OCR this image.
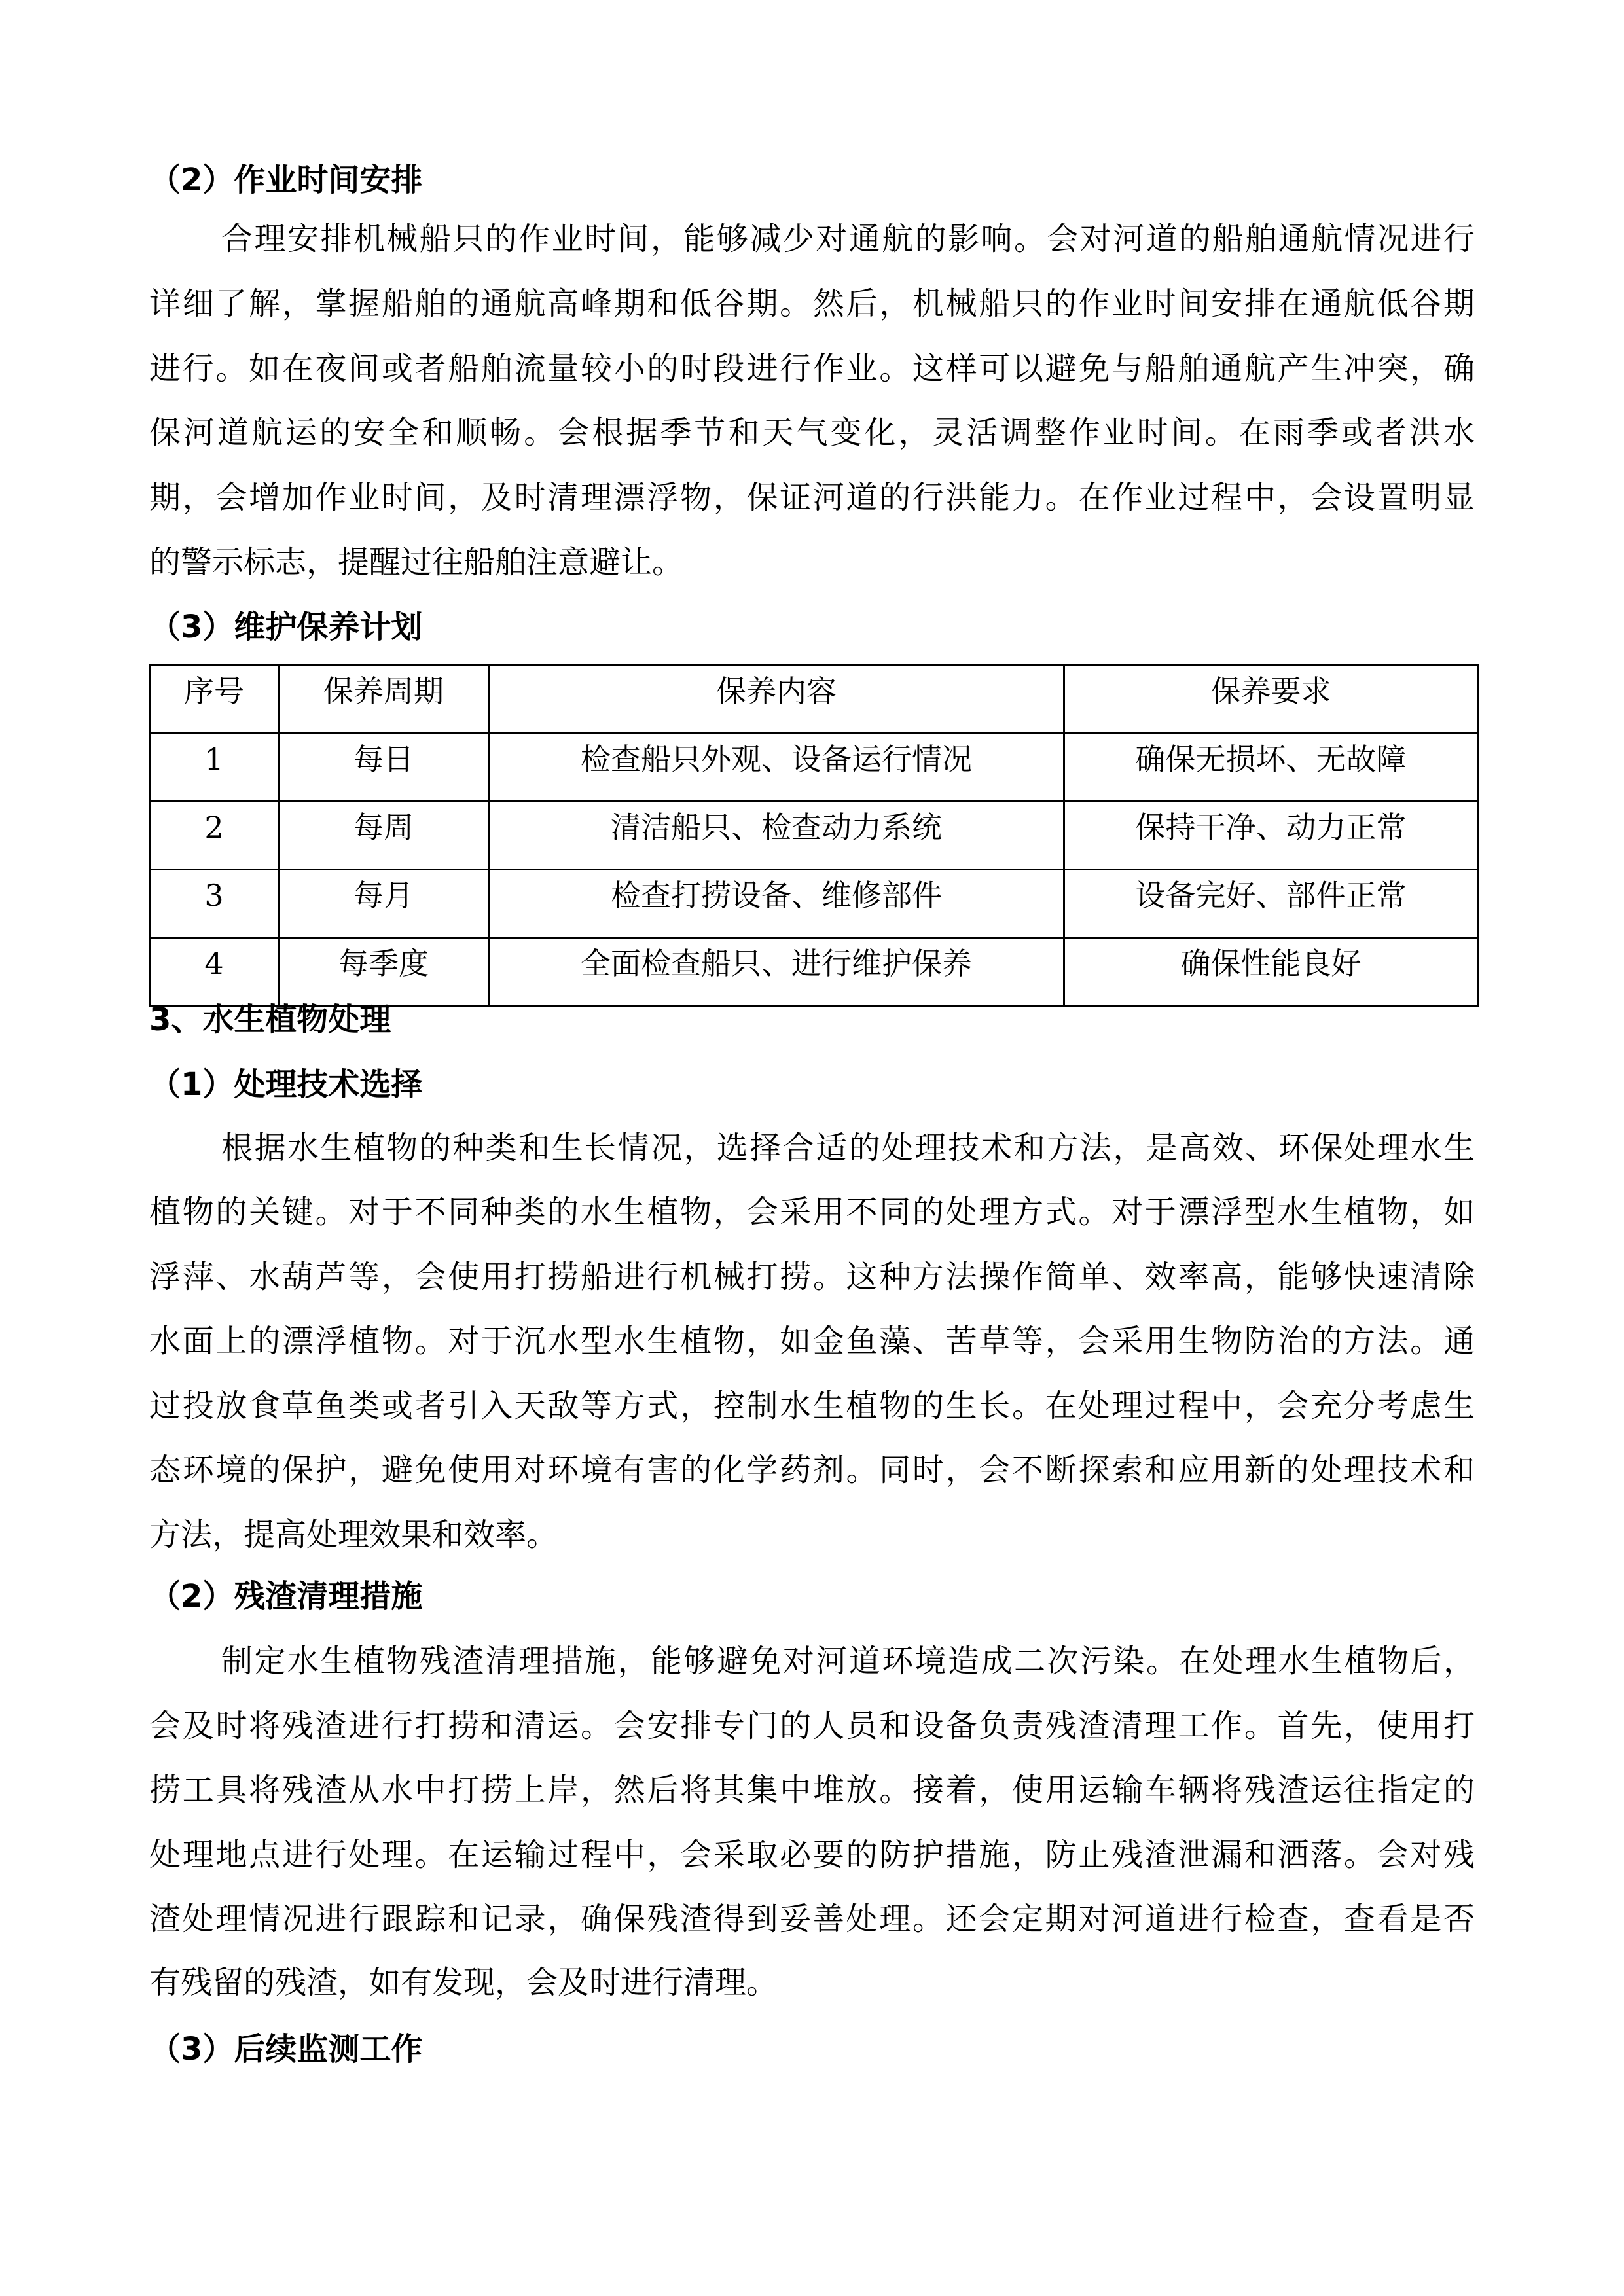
（2）作业时间安排
合理安排机械船只的作业时间，能够减少对通航的影响。会对河道的船舶通航情况进行
详细了解，掌握船舶的通航高峰期和低谷期。然后，机械船只的作业时间安排在通航低谷期
进行。如在夜间或者船舶流量较小的时段进行作业。这样可以避免与船舶通航产生冲突，确
保河道航运的安全和顺畅。会根据季节和天气变化，灵活调整作业时间。在雨季或者洪水
期，会增加作业时间，及时清理漂浮物，保证河道的行洪能力。在作业过程中，会设置明显
的警示标志，提醒过往船舶注意避让。
（3）维护保养计划
序号	保养周期	保养内容	保养要求
1	每日	检查船只外观、设备运行情况	确保无损坏、无故障
2	每周	清洁船只、检查动力系统	保持干净、动力正常
3	每月	检查打捞设备、维修部件	设备完好、部件正常
4	每季度	全面检查船只、进行维护保养	确保性能良好
3、水生植物处理
（1）处理技术选择
根据水生植物的种类和生长情况，选择合适的处理技术和方法，是高效、环保处理水生
植物的关键。对于不同种类的水生植物，会采用不同的处理方式。对于漂浮型水生植物，如
浮萍、水葫芦等，会使用打捞船进行机械打捞。这种方法操作简单、效率高，能够快速清除
水面上的漂浮植物。对于沉水型水生植物，如金鱼藻、苦草等，会采用生物防治的方法。通
过投放食草鱼类或者引入天敌等方式，控制水生植物的生长。在处理过程中，会充分考虑生
态环境的保护，避免使用对环境有害的化学药剂。同时，会不断探索和应用新的处理技术和
方法，提高处理效果和效率。
（2）残渣清理措施
制定水生植物残渣清理措施，能够避免对河道环境造成二次污染。在处理水生植物后，
会及时将残渣进行打捞和清运。会安排专门的人员和设备负责残渣清理工作。首先，使用打
捞工具将残渣从水中打捞上岸，然后将其集中堆放。接着，使用运输车辆将残渣运往指定的
处理地点进行处理。在运输过程中，会采取必要的防护措施，防止残渣泄漏和洒落。会对残
渣处理情况进行跟踪和记录，确保残渣得到妥善处理。还会定期对河道进行检查，查看是否
有残留的残渣，如有发现，会及时进行清理。
（3）后续监测工作
